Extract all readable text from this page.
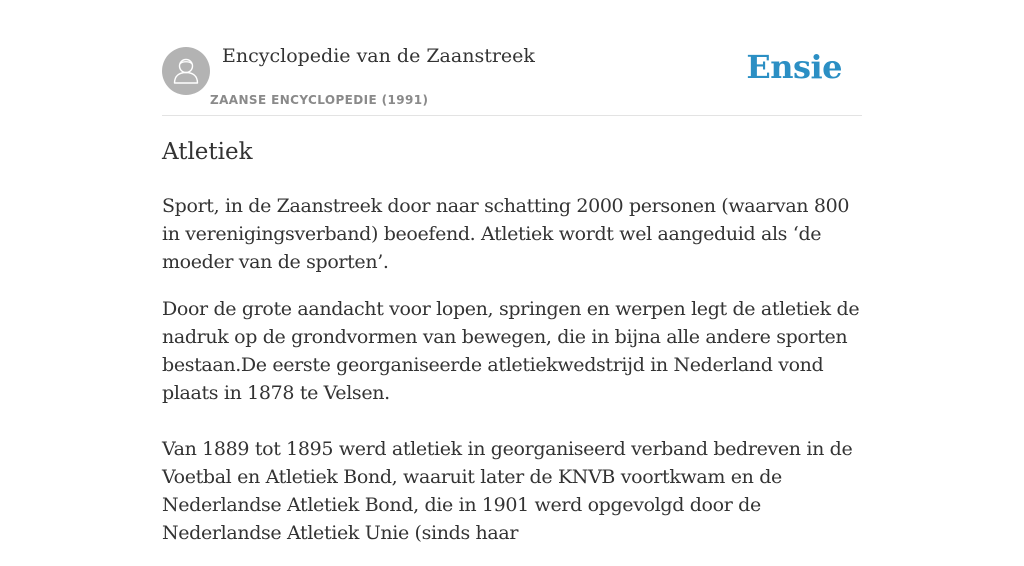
Encyclopedie van de Zaanstreek
ZAANSE ENCYCLOPEDIE (1991)
Ensie
Atletiek

Sport, in de Zaanstreek door naar schatting 2000 personen (waarvan 800 in verenigingsverband) beoefend. Atletiek wordt wel aangeduid als ‘de moeder van de sporten’.

Door de grote aandacht voor lopen, springen en werpen legt de atletiek de nadruk op de grondvormen van bewegen, die in bijna alle andere sporten bestaan.De eerste georganiseerde atletiekwedstrijd in Nederland vond plaats in 1878 te Velsen.

Van 1889 tot 1895 werd atletiek in georganiseerd verband bedreven in de Voetbal en Atletiek Bond, waaruit later de KNVB voortkwam en de Nederlandse Atletiek Bond, die in 1901 werd opgevolgd door de Nederlandse Atletiek Unie (sinds haar
